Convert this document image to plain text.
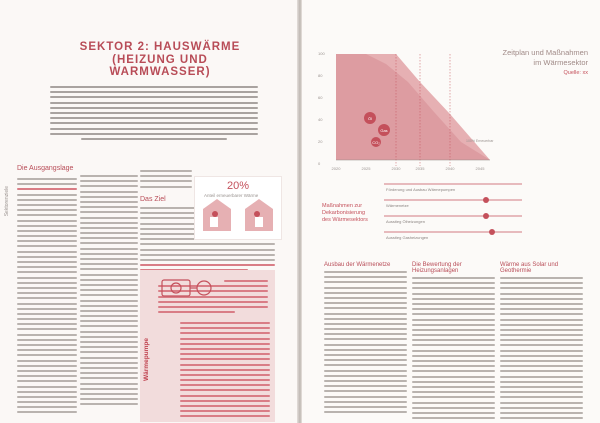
Sektorenziele
SEKTOR 2: HAUSWÄRME
(HEIZUNG UND WARMWASSER)
Die Ausgangslage
Das Ziel
20%
Anteil erneuerbarer Wärme
Wärmepumpe
100
80
60
40
20
0
Öl
Gas
CO₂	100% Erneuerbar
2020	2025	2030	2035	2040	2045
Zeitplan und Maßnahmen
im Wärmesektor
Quelle: xx
Maßnahmen zur Dekarbonisierung des Wärmesektors
Förderung und Ausbau Wärmepumpen
Wärmenetze
Ausstieg Ölheizungen
Ausstieg Gasheizungen
Ausbau der Wärmenetze	Die Bewertung der Heizungsanlagen
Wärme aus Solar und Geothermie
